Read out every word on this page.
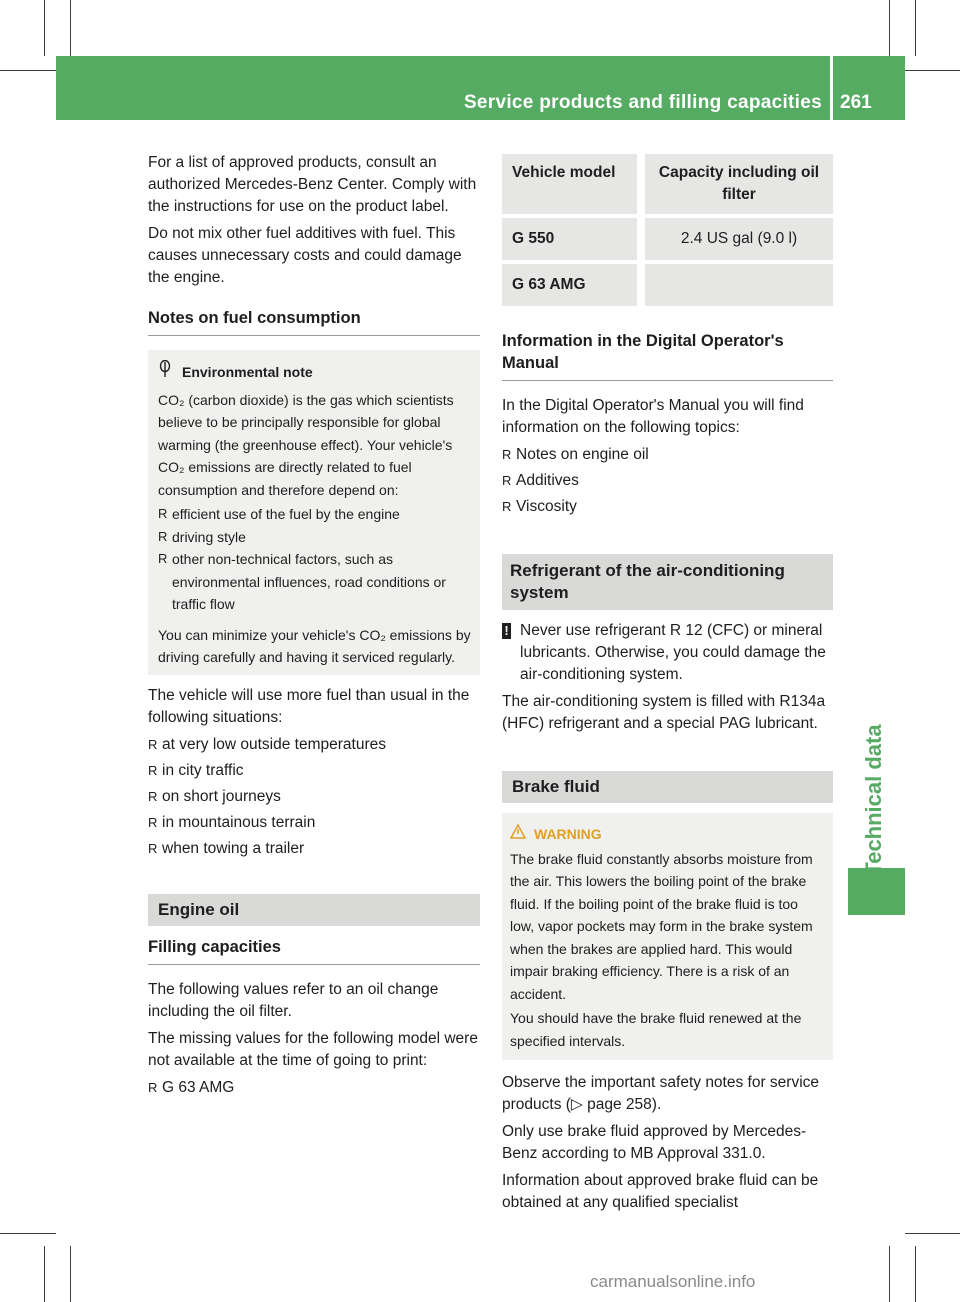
Service products and filling capacities 261
Technical data

For a list of approved products, consult an authorized Mercedes-Benz Center. Comply with the instructions for use on the product label.

Do not mix other fuel additives with fuel. This causes unnecessary costs and could damage the engine.

Notes on fuel consumption

Environmental note

CO₂ (carbon dioxide) is the gas which scientists believe to be principally responsible for global warming (the greenhouse effect). Your vehicle's CO₂ emissions are directly related to fuel consumption and therefore depend on:

R efficient use of the fuel by the engine
R driving style
R other non-technical factors, such as environmental influences, road conditions or traffic flow

You can minimize your vehicle's CO₂ emissions by driving carefully and having it serviced regularly.

The vehicle will use more fuel than usual in the following situations:

R at very low outside temperatures
R in city traffic
R on short journeys
R in mountainous terrain
R when towing a trailer
Engine oil
Filling capacities

The following values refer to an oil change including the oil filter.

The missing values for the following model were not available at the time of going to print:

R G 63 AMG
Vehicle model	Capacity including oil filter

G 550	2.4 US gal (9.0 l)

G 63 AMG	
Information in the Digital Operator's Manual

In the Digital Operator's Manual you will find information on the following topics:

R Notes on engine oil
R Additives
R Viscosity
Refrigerant of the air-conditioning system

! Never use refrigerant R 12 (CFC) or mineral lubricants. Otherwise, you could damage the air-conditioning system.

The air-conditioning system is filled with R134a (HFC) refrigerant and a special PAG lubricant.

Brake fluid

WARNING

The brake fluid constantly absorbs moisture from the air. This lowers the boiling point of the brake fluid. If the boiling point of the brake fluid is too low, vapor pockets may form in the brake system when the brakes are applied hard. This would impair braking efficiency. There is a risk of an accident.

You should have the brake fluid renewed at the specified intervals.

Observe the important safety notes for service products (▷ page 258).

Only use brake fluid approved by Mercedes-Benz according to MB Approval 331.0.

Information about approved brake fluid can be obtained at any qualified specialist

carmanualsonline.info
